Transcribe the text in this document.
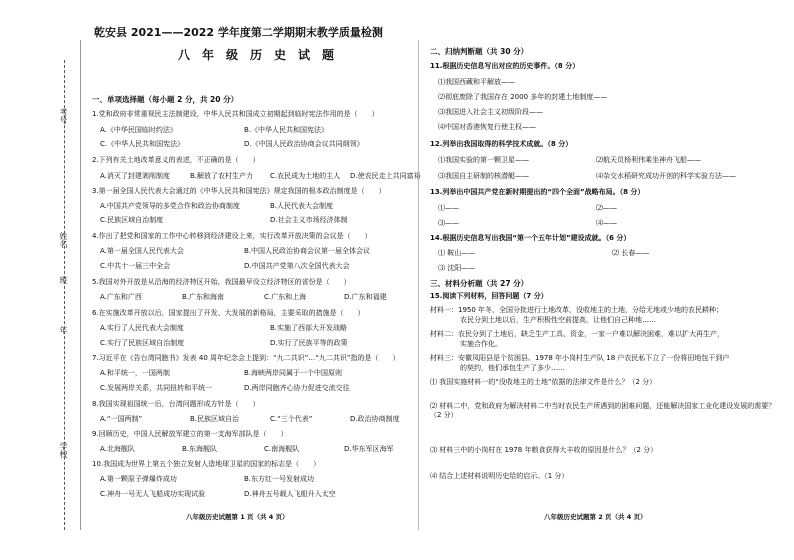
考号
姓名
班
年
学校
乾安县 2021——2022 学年度第二学期期末教学质量检测
八年级历史试题
一、单项选择题（每小题 2 分，共 20 分）
1.党和政府非常重视民主法制建设，中华人民共和国成立初期起到临时宪法作用的是（　　）
A.《中华民国临时约法》	B.《中华人民共和国宪法》
C.《中华人民共和国宪法》	D.《中国人民政治协商会议共同纲领》
2.下列有关土地改革意义的表述，不正确的是（　　）
A.消灭了封建剥削制度	B.解放了农村生产力 C.农民成为土地的主人 D.使农民走上共同富裕
3.第一届全国人民代表大会通过的《中华人民共和国宪法》规定我国的根本政治制度是（　　）
A.中国共产党领导的多党合作和政治协商制度	B.人民代表大会制度
C.民族区域自治制度	D.社会主义市场经济体制
4.作出了把党和国家的工作中心转移到经济建设上来，实行改革开放决策的会议是（　　）
A.第一届全国人民代表大会	B.中国人民政治协商会议第一届全体会议
C.中共十一届三中全会	D.中国共产党第八次全国代表大会
5.我国对外开放是从沿海的经济特区开始，我国最早设立经济特区的省份是（　　）
A.广东和广西	B.广东和海南	C.广东和上海	D.广东和福建
6.在实施改革开放以后，国家提出了开发、大发展的新格局，主要采取的措施是（　　）
A.实行了人民代表大会制度	B.实施了西部大开发战略
C.实行了民族区域自治制度	D.实行了民族平等的政策
7.习近平在《告台湾同胞书》发表 40 周年纪念会上提到：“九二共识”…“九二共识”指的是（　　）
A.和平统一，一国两制	B.海峡两岸同属于一个中国原则
C.发展两岸关系，共同扭转和平统一	D.两岸同胞齐心协力促进交流交往
8.我国实现祖国统一后，台湾问题形成方针是（　　）
A.“一国两制”	B.民族区域自治	C.“三个代表”	D.政治协商制度
9.回顾历史，中国人民解放军建立的第一支海军部队是（　　）
A.北海舰队	B.东海舰队	C.南海舰队	D.华东军区海军
10.我国成为世界上第五个独立发射人造地球卫星的国家的标志是（　　）
A.第一颗原子弹爆炸成功	B.东方红一号发射成功
C.神舟一号无人飞船成功实现试验	D.神舟五号载人飞船升入太空
八年级历史试题第 1 页（共 4 页）
二、归纳判断题（共 30 分）
11.根据历史信息写出对应的历史事件。（8 分）
⑴我国西藏和平解放——
⑵彻底废除了我国存在 2000 多年的封建土地制度——
⑶我国进入社会主义初级阶段——
⑷中国对香港恢复行使主权——
12.列举出我国取得的科学技术成就。（8 分）
⑴我国实验的第一颗卫星——	⑵航天员杨利伟乘坐神舟飞船——
⑶我国自主研制的核潜艇——	⑷杂交水稻研究成功开创的科学实验方法——
13.列举出中国共产党在新时期提出的“四个全面”战略布局。（8 分）
⑴——	⑵——
⑶——	⑷——
14.根据历史信息写出我国“第一个五年计划”建设成就。（6 分）
⑴ 鞍山——	⑵ 长春——
⑶ 沈阳——
三、材料分析题（共 27 分）
15.阅读下列材料，回答问题（7 分）
材料一：1950 年冬，全国分批进行土地改革，没收地主的土地，分给无地或少地的农民耕种；
农民分到土地以后，生产积极性空前提高，让他们自己种地……
材料二：农民分到了土地后，缺乏生产工具、资金，一家一户难以解决困难，难以扩大再生产，
实施合作化。
材料三：安徽凤阳县是个贫困县。1978 年小岗村生产队 18 户农民私下立了一份将田地包干到户
的契约，他们承包生产了多少……
⑴ 我国实施材料一的“没收地主的土地”依据的法律文件是什么？（2 分）
⑵ 材料二中，党和政府为解决材料二中当时农民生产所遇到的困难问题，还能解决国家工业化建设发展的需要？（2 分）
⑶ 材料三中的小岗村在 1978 年粮食获得大丰收的原因是什么？（2 分）
⑷ 结合上述材料说明历史给的启示。（1 分）
八年级历史试题第 2 页（共 4 页）
